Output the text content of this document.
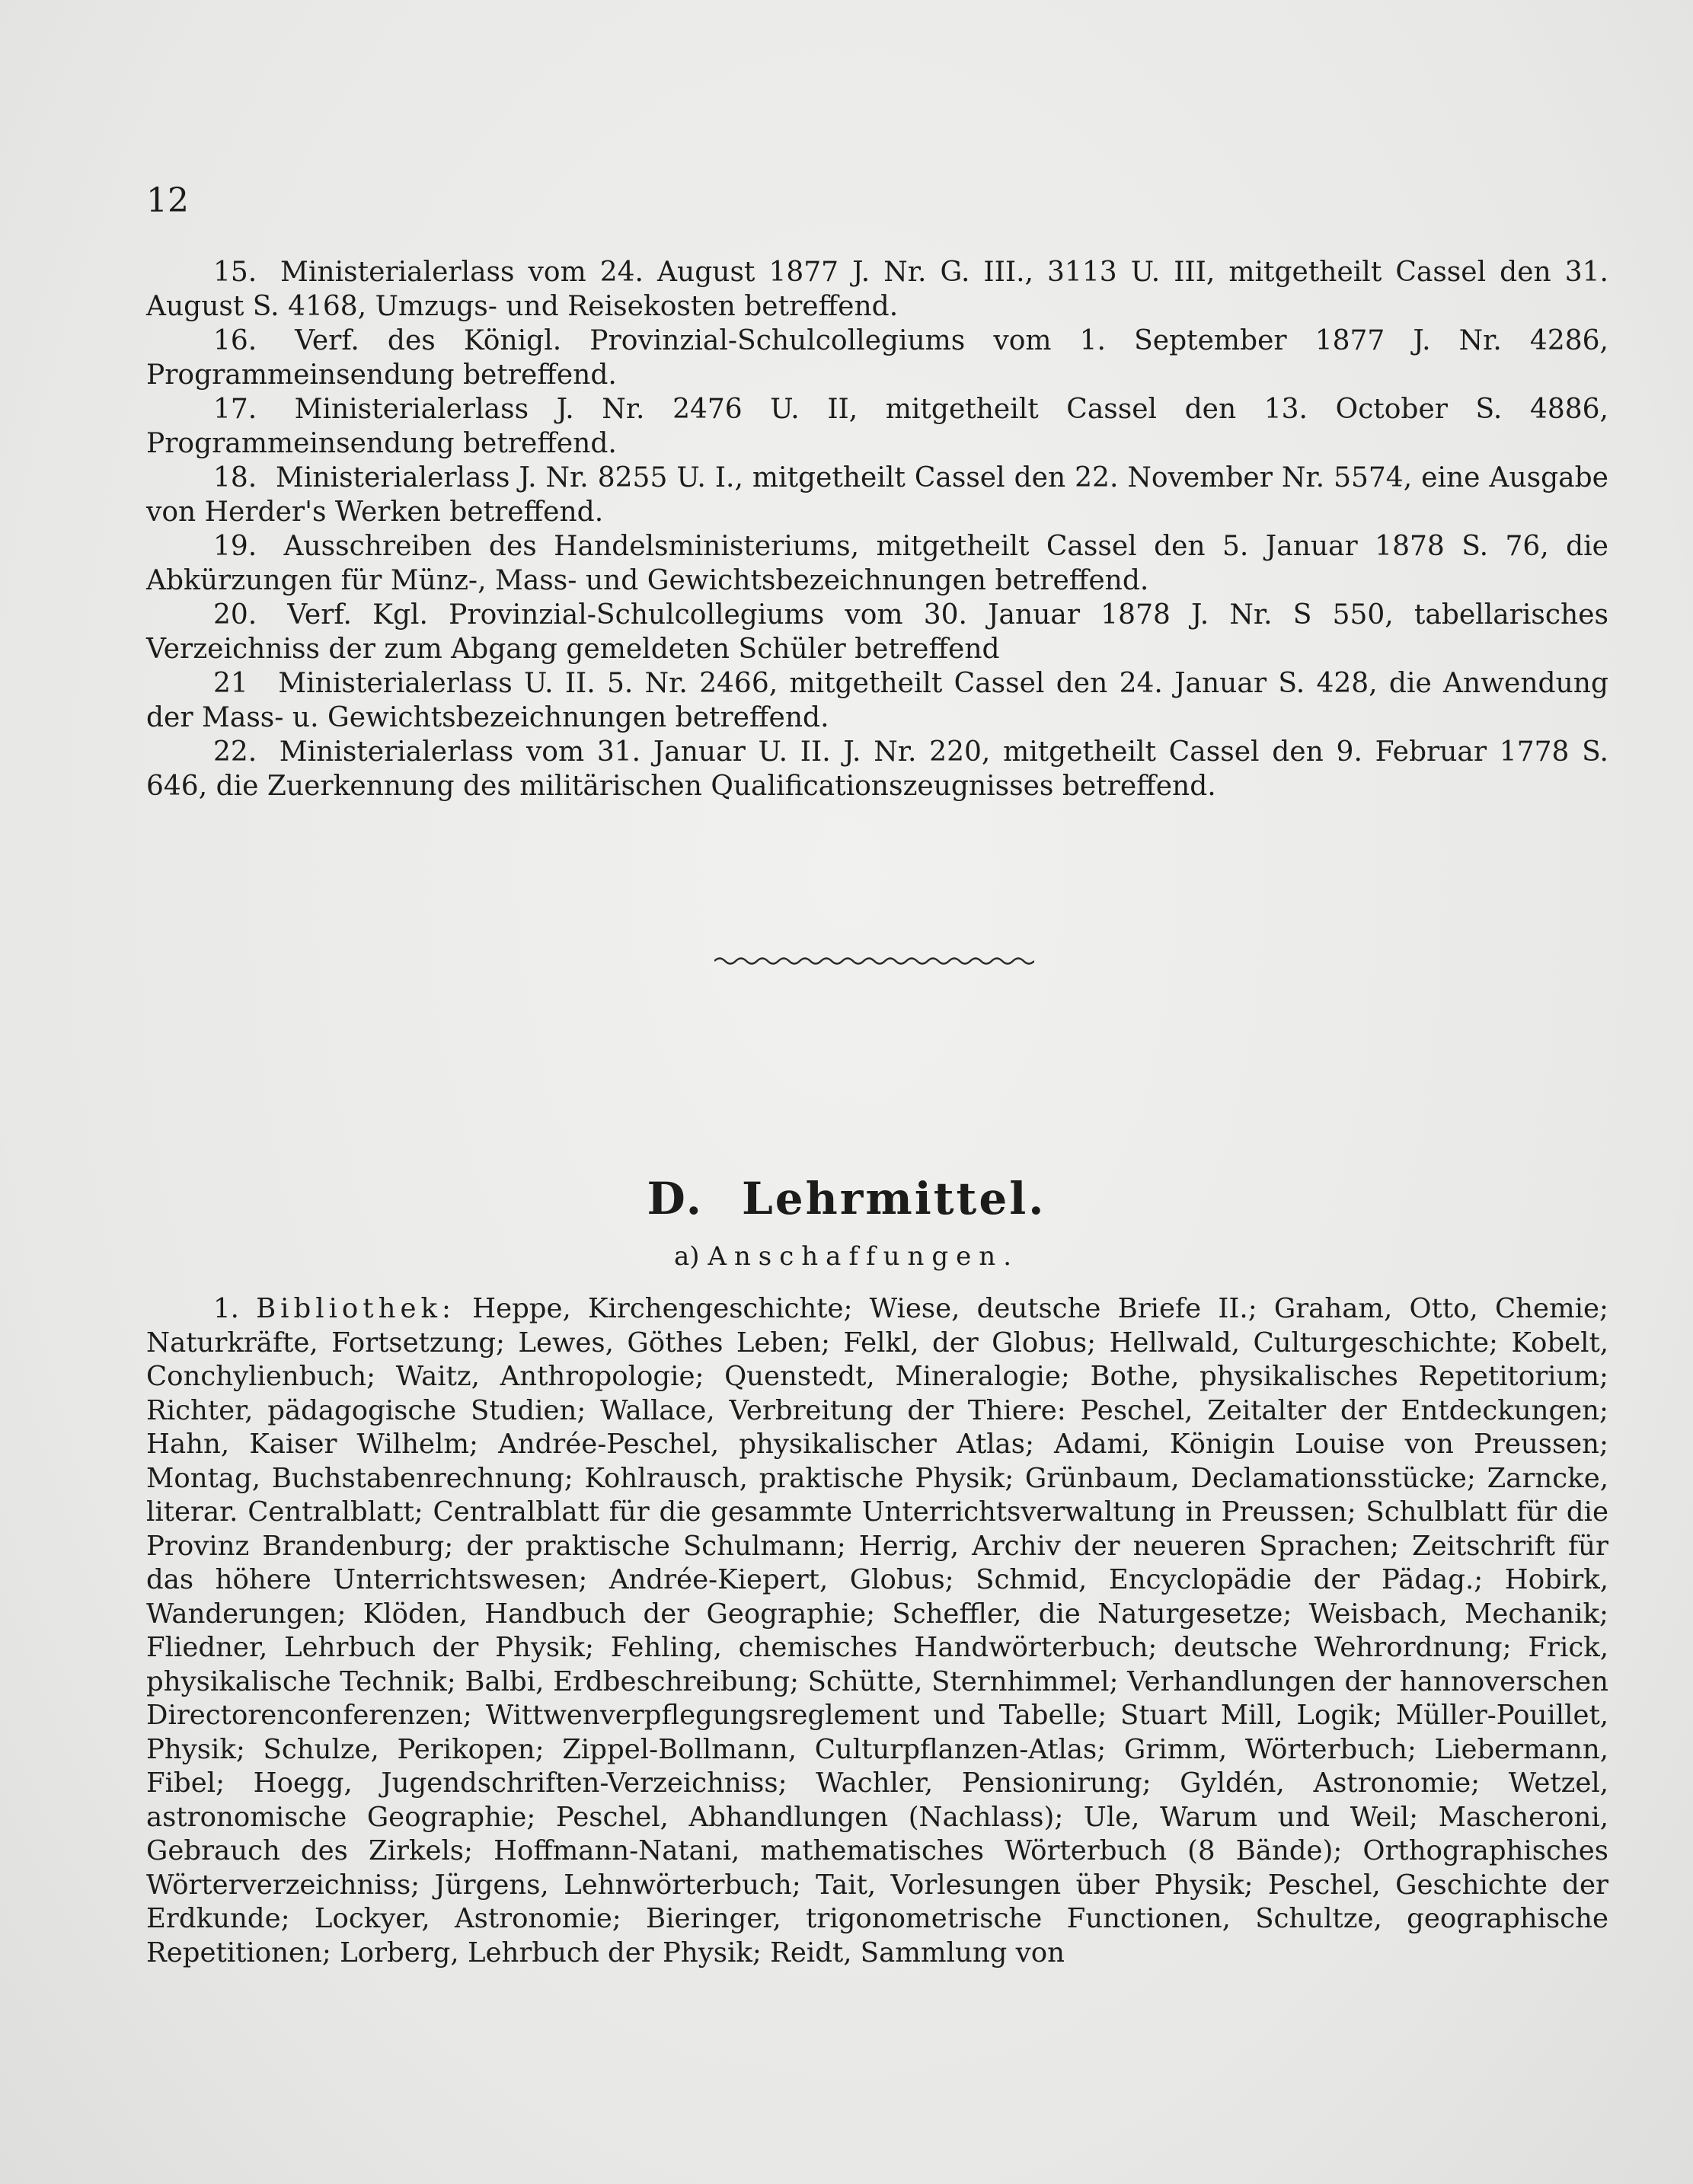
12
15. Ministerialerlass vom 24. August 1877 J. Nr. G. III., 3113 U. III, mitgetheilt Cassel den 31. August S. 4168, Umzugs- und Reisekosten betreffend.
16. Verf. des Königl. Provinzial-Schulcollegiums vom 1. September 1877 J. Nr. 4286, Programmeinsendung betreffend.
17. Ministerialerlass J. Nr. 2476 U. II, mitgetheilt Cassel den 13. October S. 4886, Programmeinsendung betreffend.
18. Ministerialerlass J. Nr. 8255 U. I., mitgetheilt Cassel den 22. November Nr. 5574, eine Ausgabe von Herder's Werken betreffend.
19. Ausschreiben des Handelsministeriums, mitgetheilt Cassel den 5. Januar 1878 S. 76, die Abkürzungen für Münz-, Mass- und Gewichtsbezeichnungen betreffend.
20. Verf. Kgl. Provinzial-Schulcollegiums vom 30. Januar 1878 J. Nr. S 550, tabellarisches Verzeichniss der zum Abgang gemeldeten Schüler betreffend
21 Ministerialerlass U. II. 5. Nr. 2466, mitgetheilt Cassel den 24. Januar S. 428, die Anwendung der Mass- u. Gewichtsbezeichnungen betreffend.
22. Ministerialerlass vom 31. Januar U. II. J. Nr. 220, mitgetheilt Cassel den 9. Februar 1778 S. 646, die Zuerkennung des militärischen Qualificationszeugnisses betreffend.
D. Lehrmittel.
a) Anschaffungen.

1. Bibliothek: Heppe, Kirchengeschichte; Wiese, deutsche Briefe II.; Graham, Otto, Chemie; Naturkräfte, Fortsetzung; Lewes, Göthes Leben; Felkl, der Globus; Hellwald, Culturgeschichte; Kobelt, Conchylienbuch; Waitz, Anthropologie; Quenstedt, Mineralogie; Bothe, physikalisches Repetitorium; Richter, pädagogische Studien; Wallace, Verbreitung der Thiere: Peschel, Zeitalter der Entdeckungen; Hahn, Kaiser Wilhelm; Andrée-Peschel, physikalischer Atlas; Adami, Königin Louise von Preussen; Montag, Buchstabenrechnung; Kohlrausch, praktische Physik; Grünbaum, Declamationsstücke; Zarncke, literar. Centralblatt; Centralblatt für die gesammte Unterrichtsverwaltung in Preussen; Schulblatt für die Provinz Brandenburg; der praktische Schulmann; Herrig, Archiv der neueren Sprachen; Zeitschrift für das höhere Unterrichtswesen; Andrée-Kiepert, Globus; Schmid, Encyclopädie der Pädag.; Hobirk, Wanderungen; Klöden, Handbuch der Geographie; Scheffler, die Naturgesetze; Weisbach, Mechanik; Fliedner, Lehrbuch der Physik; Fehling, chemisches Handwörterbuch; deutsche Wehrordnung; Frick, physikalische Technik; Balbi, Erdbeschreibung; Schütte, Sternhimmel; Verhandlungen der hannoverschen Directorenconferenzen; Wittwenverpflegungsreglement und Tabelle; Stuart Mill, Logik; Müller-Pouillet, Physik; Schulze, Perikopen; Zippel-Bollmann, Culturpflanzen-Atlas; Grimm, Wörterbuch; Liebermann, Fibel; Hoegg, Jugendschriften-Verzeichniss; Wachler, Pensionirung; Gyldén, Astronomie; Wetzel, astronomische Geographie; Peschel, Abhandlungen (Nachlass); Ule, Warum und Weil; Mascheroni, Gebrauch des Zirkels; Hoffmann-Natani, mathematisches Wörterbuch (8 Bände); Orthographisches Wörterverzeichniss; Jürgens, Lehnwörterbuch; Tait, Vorlesungen über Physik; Peschel, Geschichte der Erdkunde; Lockyer, Astronomie; Bieringer, trigonometrische Functionen, Schultze, geographische Repetitionen; Lorberg, Lehrbuch der Physik; Reidt, Sammlung von
